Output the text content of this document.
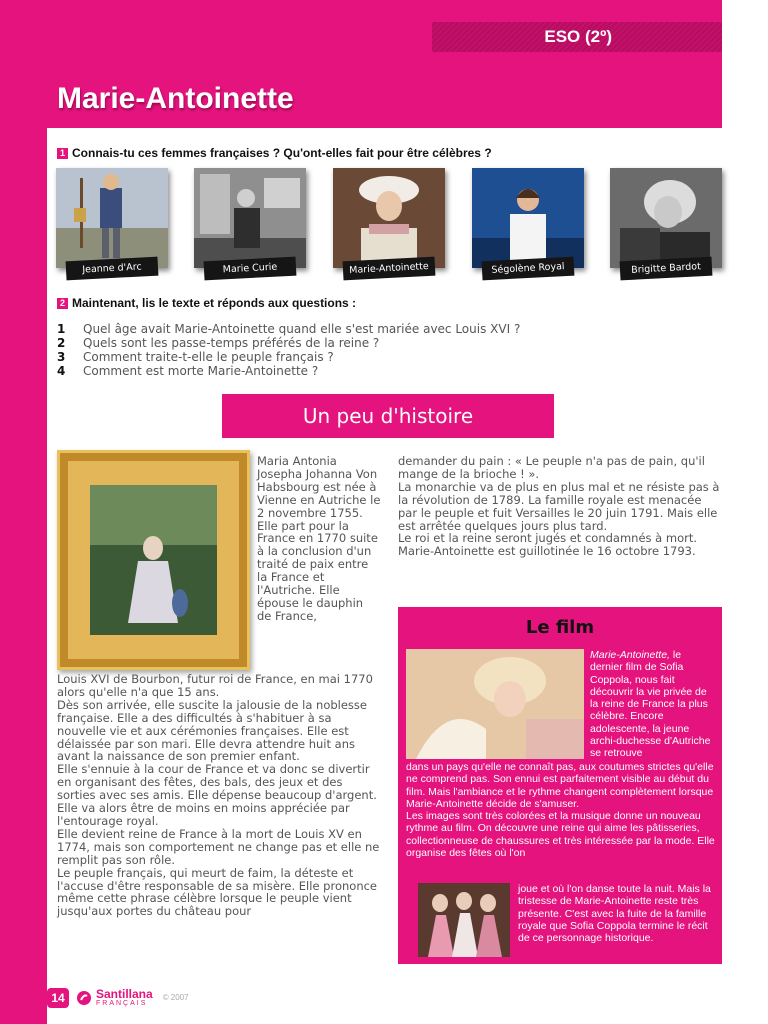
ESO (2º)
Marie-Antoinette
1 Connais-tu ces femmes françaises ? Qu'ont-elles fait pour être célèbres ?
Jeanne d'Arc	Marie Curie	Marie-Antoinette	Ségolène Royal	Brigitte Bardot
2 Maintenant, lis le texte et réponds aux questions :
1	Quel âge avait Marie-Antoinette quand elle s'est mariée avec Louis XVI ?
2	Quels sont les passe-temps préférés de la reine ?
3	Comment traite-t-elle le peuple français ?
4	Comment est morte Marie-Antoinette ?
Un peu d'histoire

Maria Antonia Josepha Johanna Von Habsbourg est née à Vienne en Autriche le 2 novembre 1755. Elle part pour la France en 1770 suite à la conclusion d'un traité de paix entre la France et l'Autriche. Elle épouse le dauphin de France,

Louis XVI de Bourbon, futur roi de France, en mai 1770 alors qu'elle n'a que 15 ans.

Dès son arrivée, elle suscite la jalousie de la noblesse française. Elle a des difficultés à s'habituer à sa nouvelle vie et aux cérémonies françaises. Elle est délaissée par son mari. Elle devra attendre huit ans avant la naissance de son premier enfant.

Elle s'ennuie à la cour de France et va donc se divertir en organisant des fêtes, des bals, des jeux et des sorties avec ses amis. Elle dépense beaucoup d'argent. Elle va alors être de moins en moins appréciée par l'entourage royal.

Elle devient reine de France à la mort de Louis XV en 1774, mais son comportement ne change pas et elle ne remplit pas son rôle.

Le peuple français, qui meurt de faim, la déteste et l'accuse d'être responsable de sa misère. Elle prononce même cette phrase célèbre lorsque le peuple vient jusqu'aux portes du château pour

demander du pain : « Le peuple n'a pas de pain, qu'il mange de la brioche ! ».

La monarchie va de plus en plus mal et ne résiste pas à la révolution de 1789. La famille royale est menacée par le peuple et fuit Versailles le 20 juin 1791. Mais elle est arrêtée quelques jours plus tard.

Le roi et la reine seront jugés et condamnés à mort. Marie-Antoinette est guillotinée le 16 octobre 1793.

Le film

Marie-Antoinette, le dernier film de Sofia Coppola, nous fait découvrir la vie privée de la reine de France la plus célèbre. Encore adolescente, la jeune archi-duchesse d'Autriche se retrouve

dans un pays qu'elle ne connaît pas, aux coutumes strictes qu'elle ne comprend pas. Son ennui est parfaitement visible au début du film. Mais l'ambiance et le rythme changent complètement lorsque Marie-Antoinette décide de s'amuser.

Les images sont très colorées et la musique donne un nouveau rythme au film. On découvre une reine qui aime les pâtisseries, collectionneuse de chaussures et très intéressée par la mode. Elle organise des fêtes où l'on

joue et où l'on danse toute la nuit. Mais la tristesse de Marie-Antoinette reste très présente. C'est avec la fuite de la famille royale que Sofia Coppola termine le récit de ce personnage historique.

14	Santillana
FRANÇAIS
© 2007
